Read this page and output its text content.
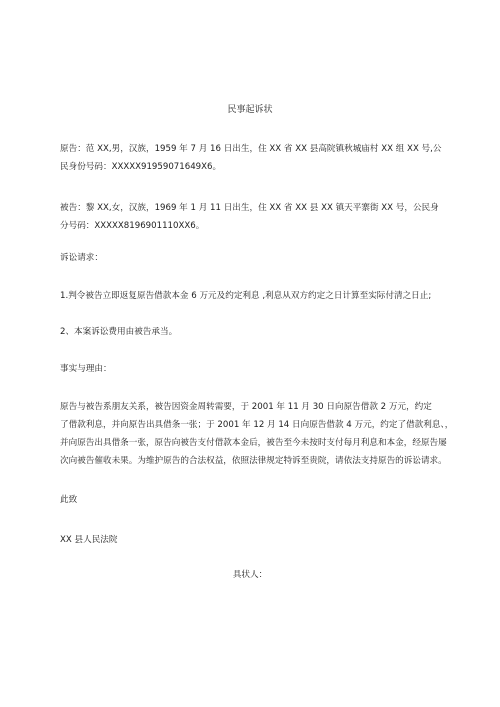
民事起诉状
原告：范 XX,男，汉族，1959 年 7 月 16 日出生，住 XX 省 XX 县高院镇秋城庙村 XX 组 XX 号,公
民身份号码：XXXXX91959071649X6。
被告：黎 XX,女，汉族，1969 年 1 月 11 日出生，住 XX 省 XX 县 XX 镇天平寨街 XX 号，公民身
分号码：XXXXX8196901110XX6。
诉讼请求：
1.判令被告立即返复原告借款本金 6 万元及约定利息 ,利息从双方约定之日计算至实际付清之日止;
2、本案诉讼费用由被告承当。
事实与理由：
原告与被告系朋友关系，被告因资金周转需要，于 2001 年 11 月 30 日向原告借款 2 万元，约定
了借款利息，并向原告出具借条一张；于 2001 年 12 月 14 日向原告借款 4 万元，约定了借款利息、，
并向原告出具借条一张，原告向被告支付借款本金后，被告至今未按时支付每月利息和本金，经原告屡
次向被告催收未果。为维护原告的合法权益，依照法律规定特诉至贵院，请依法支持原告的诉讼请求。
此致
XX 县人民法院
具状人：
